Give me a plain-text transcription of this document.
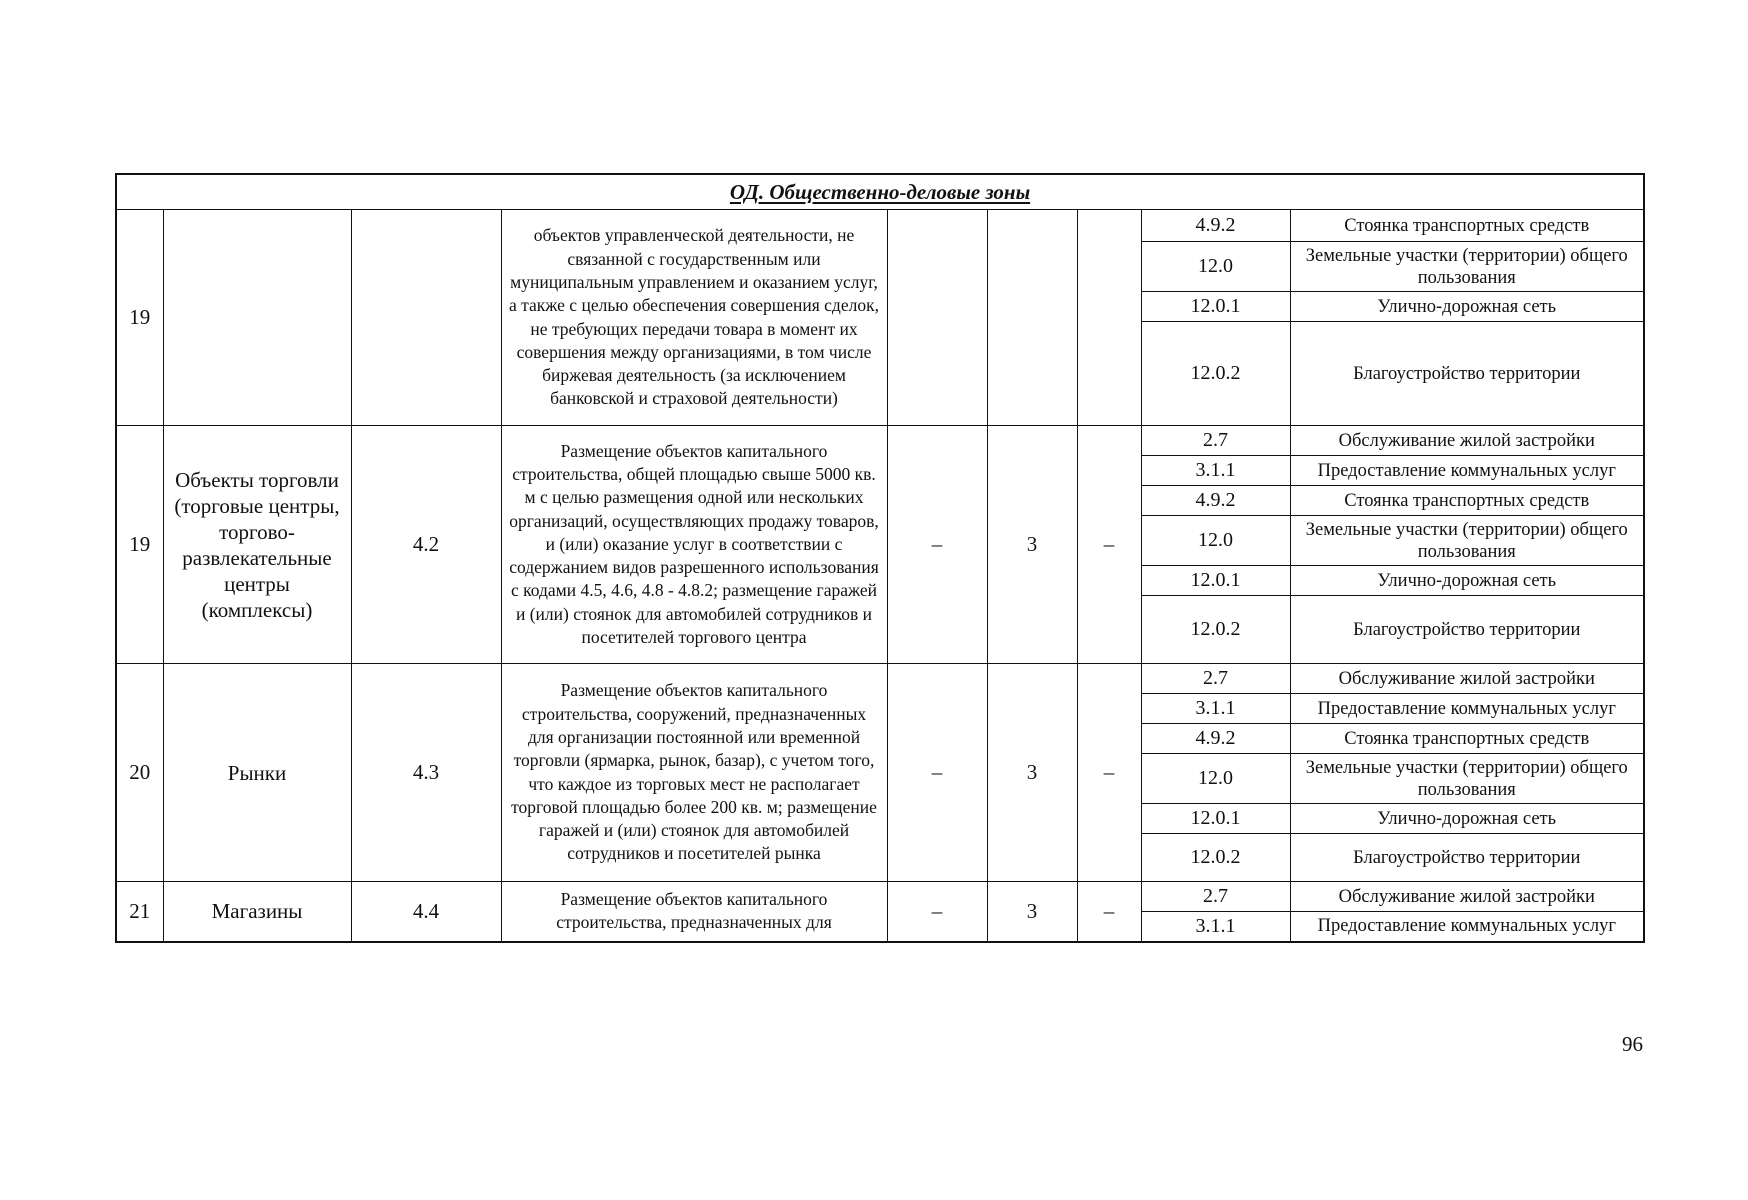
ОД. Общественно-деловые зоны								
19			объектов управленческой деятельности, не связанной с государственным или муниципальным управлением и оказанием услуг, а также с целью обеспечения совершения сделок, не требующих передачи товара в момент их совершения между организациями, в том числе биржевая деятельность (за исключением банковской и страховой деятельности)				4.9.2	Стоянка транспортных средств
							12.0	Земельные участки (территории) общего пользования
							12.0.1	Улично-дорожная сеть
							12.0.2	Благоустройство территории
19	Объекты торговли (торговые центры, торгово-развлекательные центры (комплексы)	4.2	Размещение объектов капитального строительства, общей площадью свыше 5000 кв. м с целью размещения одной или нескольких организаций, осуществляющих продажу товаров, и (или) оказание услуг в соответствии с содержанием видов разрешенного использования с кодами 4.5, 4.6, 4.8 - 4.8.2; размещение гаражей и (или) стоянок для автомобилей сотрудников и посетителей торгового центра	–	3	–	2.7	Обслуживание жилой застройки
							3.1.1	Предоставление коммунальных услуг
							4.9.2	Стоянка транспортных средств
							12.0	Земельные участки (территории) общего пользования
							12.0.1	Улично-дорожная сеть
							12.0.2	Благоустройство территории
20	Рынки	4.3	Размещение объектов капитального строительства, сооружений, предназначенных для организации постоянной или временной торговли (ярмарка, рынок, базар), с учетом того, что каждое из торговых мест не располагает торговой площадью более 200 кв. м; размещение гаражей и (или) стоянок для автомобилей сотрудников и посетителей рынка	–	3	–	2.7	Обслуживание жилой застройки
							3.1.1	Предоставление коммунальных услуг
							4.9.2	Стоянка транспортных средств
							12.0	Земельные участки (территории) общего пользования
							12.0.1	Улично-дорожная сеть
							12.0.2	Благоустройство территории
21	Магазины	4.4	Размещение объектов капитального строительства, предназначенных для	–	3	–	2.7	Обслуживание жилой застройки
							3.1.1	Предоставление коммунальных услуг
96
